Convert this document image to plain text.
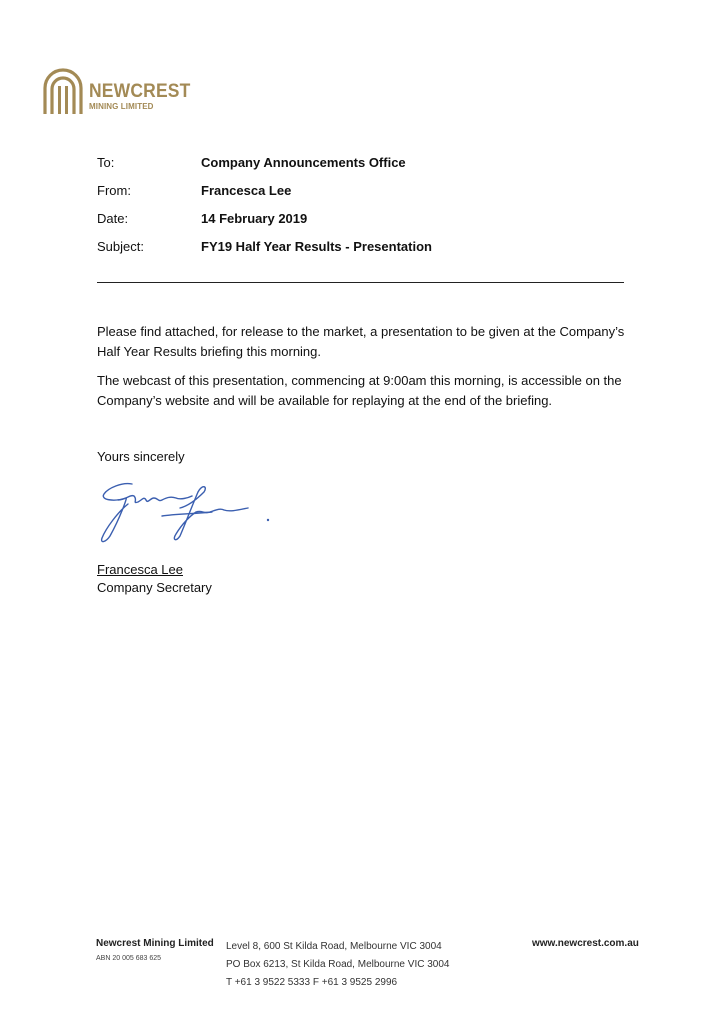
NEWCREST
MINING LIMITED
To:	Company Announcements Office
From:	Francesca Lee
Date:	14 February 2019
Subject:	FY19 Half Year Results - Presentation

Please find attached, for release to the market, a presentation to be given at the Company’s Half Year Results briefing this morning.

The webcast of this presentation, commencing at 9:00am this morning, is accessible on the Company’s website and will be available for replaying at the end of the briefing.

Yours sincerely
Francesca Lee
Company Secretary
Newcrest Mining Limited
ABN 20 005 683 625
Level 8, 600 St Kilda Road, Melbourne VIC 3004
PO Box 6213, St Kilda Road, Melbourne VIC 3004
T +61 3 9522 5333 F +61 3 9525 2996
www.newcrest.com.au
